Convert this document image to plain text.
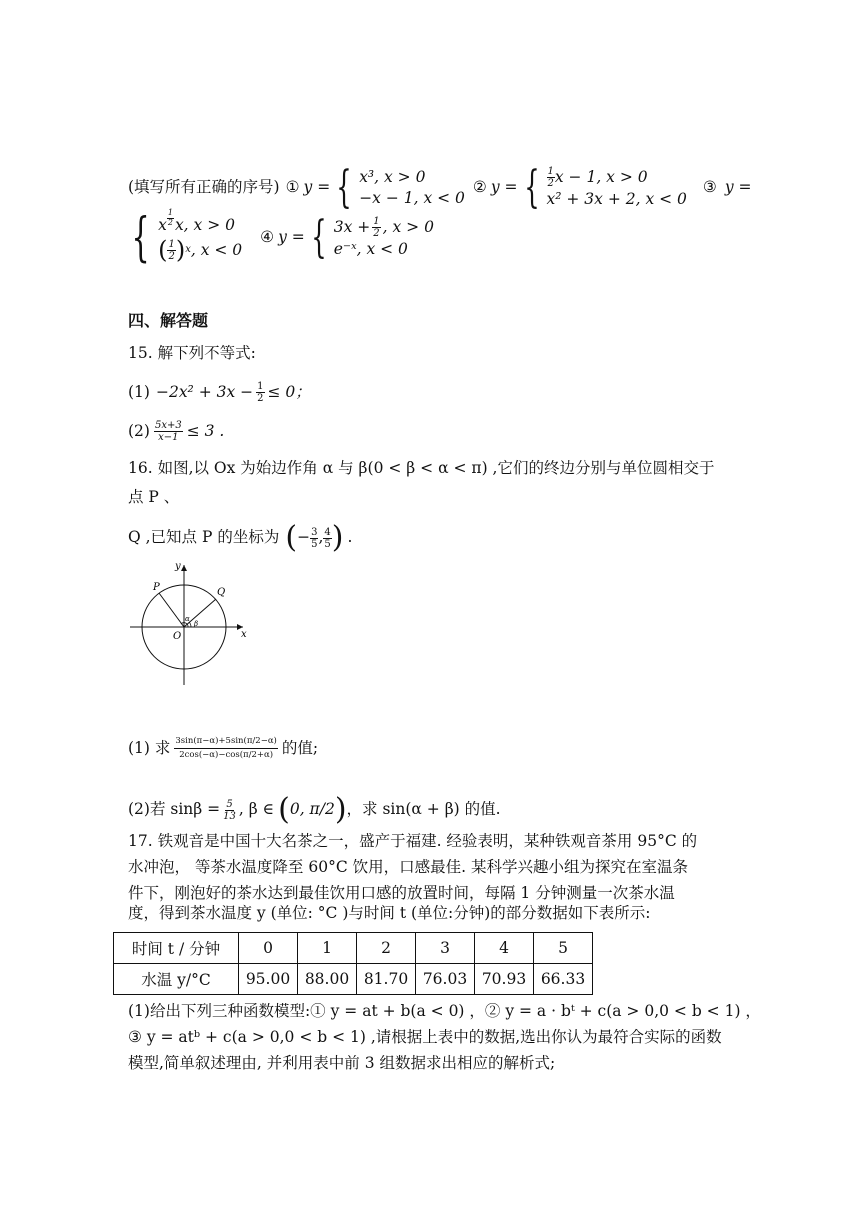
(填写所有正确的序号) ① y = { x³, x > 0
−x − 1, x < 0
② y = { $\frac{1}{2}$ x − 1, x > 0
x² + 3x + 2, x < 0
③ y =
{ x $\frac{1}{2} x$, x > 0
( $\frac{1}{2}$ ) x , x < 0
④ y = { $3x + \frac{1}{2}$ , x > 0
e⁻ˣ, x < 0
四、解答题
15. 解下列不等式:
$(1) -2x^2 + 3x - \frac{1}{2} \le 0$；
$(2) \frac{5x+3}{x-1} \le 3$ .
16. 如图,以 Ox 为始边作角 α 与 β(0 < β < α < π) ,它们的终边分别与单位圆相交于
点 P 、
Q ,已知点 P 的坐标为 ( − $\frac{3}{5}$ , $\frac{4}{5}$ ) .
y
x
O
P	Q
α
β
(1) 求 $\frac{3\sin(\pi-\alpha)+5\sin(\pi/2-\alpha)}{2\cos(-\alpha)-\cos(\pi/2+\alpha)}$ 的值;
(2)若 $\sin\beta = \frac{5}{13}$ , β ∈ ( 0, π/2 ) ，求 sin(α + β) 的值.
17. 铁观音是中国十大名茶之一，盛产于福建. 经验表明，某种铁观音茶用 95°C 的
水冲泡， 等茶水温度降至 60°C 饮用，口感最佳. 某科学兴趣小组为探究在室温条
件下，刚泡好的茶水达到最佳饮用口感的放置时间，每隔 1 分钟测量一次茶水温
度，得到茶水温度 y (单位: °C )与时间 t (单位:分钟)的部分数据如下表所示:
时间 t / 分钟	0	1	2	3	4	5
水温 y/°C	95.00	88.00	81.70	76.03	70.93	66.33
(1)给出下列三种函数模型:① y = at + b(a < 0) ，② y = a · bᵗ + c(a > 0,0 < b < 1) ，
③ y = atᵇ + c(a > 0,0 < b < 1) ,请根据上表中的数据,选出你认为最符合实际的函数
模型,简单叙述理由, 并利用表中前 3 组数据求出相应的解析式;
